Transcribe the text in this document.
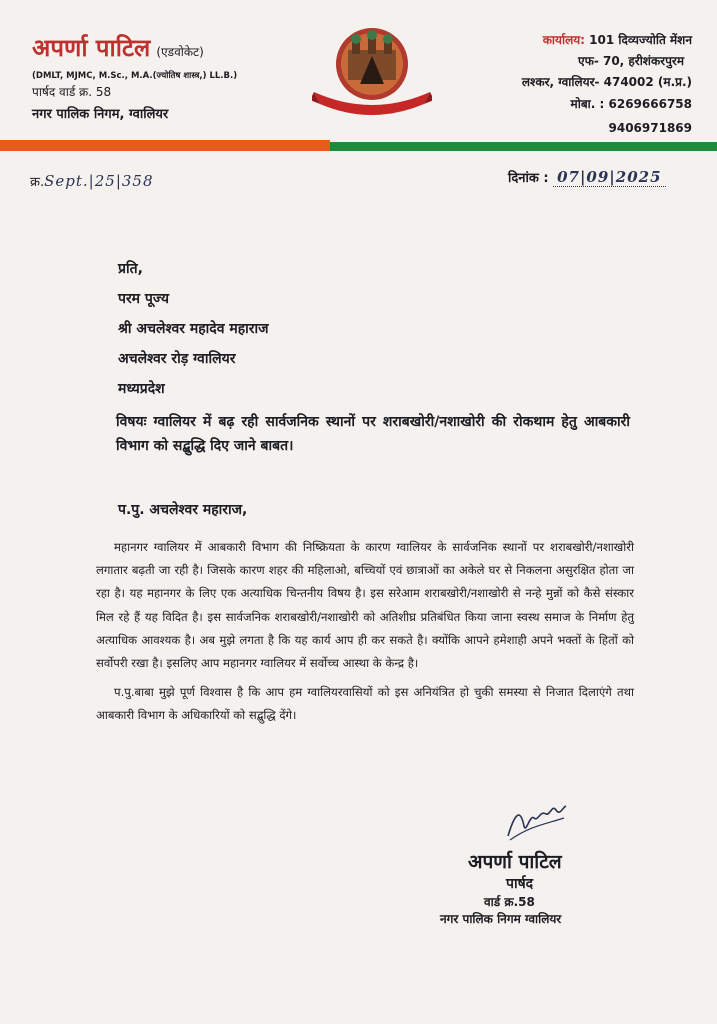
अपर्णा पाटिल (एडवोकेट)
(DMLT, MJMC, M.Sc., M.A.(ज्योतिष शास्त्र,) LL.B.)
पार्षद वार्ड क्र. 58
नगर पालिक निगम, ग्वालियर
कार्यालय: 101 दिव्यज्योति मेंशन
एफ- 70, हरीशंकरपुरम
लश्कर, ग्वालियर- 474002 (म.प्र.)
मोबा. : 6269666758
9406971869
क्र.Sept.|25|358	दिनांक : 07|09|2025
प्रति,
परम पूज्य
श्री अचलेश्वर महादेव महाराज
अचलेश्वर रोड़ ग्वालियर
मध्यप्रदेश
विषयः ग्वालियर में बढ़ रही सार्वजनिक स्थानों पर शराबखोरी/नशाखोरी की रोकथाम हेतु आबकारी विभाग को सद्बुद्धि दिए जाने बाबत।
प.पु. अचलेश्वर महाराज,

महानगर ग्वालियर में आबकारी विभाग की निष्क्रियता के कारण ग्वालियर के सार्वजनिक स्थानों पर शराबखोरी/नशाखोरी लगातार बढ़ती जा रही है। जिसके कारण शहर की महिलाओ, बच्चियों एवं छात्राओं का अकेले घर से निकलना असुरक्षित होता जा रहा है। यह महानगर के लिए एक अत्याधिक चिन्तनीय विषय है। इस सरेआम शराबखोरी/नशाखोरी से नन्हे मुन्नों को कैसे संस्कार मिल रहे हैं यह विदित है। इस सार्वजनिक शराबखोरी/नशाखोरी को अतिशीघ्र प्रतिबंधित किया जाना स्वस्थ समाज के निर्माण हेतु अत्याधिक आवश्यक है। अब मुझे लगता है कि यह कार्य आप ही कर सकते है। क्योंकि आपने हमेशाही अपने भक्तों के हितों को सर्वोपरी रखा है। इसलिए आप महानगर ग्वालियर में सर्वोच्च आस्था के केन्द्र है।

प.पु.बाबा मुझे पूर्ण विश्वास है कि आप हम ग्वालियरवासियों को इस अनियंत्रित हो चुकी समस्या से निजात दिलाएंगे तथा आबकारी विभाग के अधिकारियों को सद्बुद्धि देंगे।

अपर्णा पाटिल
पार्षद
वार्ड क्र.58
नगर पालिक निगम ग्वालियर
